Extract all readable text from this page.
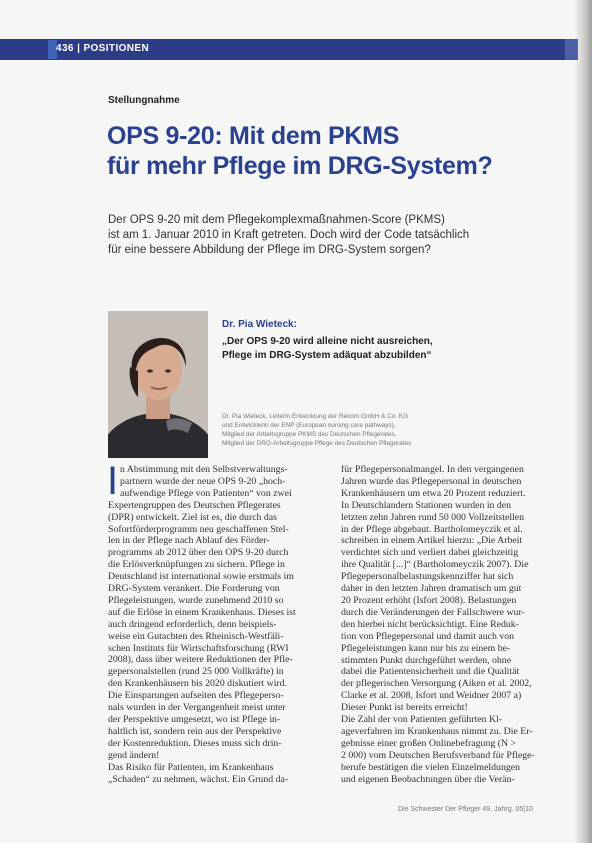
436 | POSITIONEN
Stellungnahme
OPS 9-20: Mit dem PKMS
für mehr Pflege im DRG-System?
Der OPS 9-20 mit dem Pflegekomplexmaßnahmen-Score (PKMS)
ist am 1. Januar 2010 in Kraft getreten. Doch wird der Code tatsächlich
für eine bessere Abbildung der Pflege im DRG-System sorgen?
Dr. Pia Wieteck:
„Der OPS 9-20 wird alleine nicht ausreichen,
Pflege im DRG-System adäquat abzubilden“
Dr. Pia Wieteck, Leiterin Entwicklung der Recom GmbH & Co. KG
und Entwicklerin der ENP (European nursing care pathways),
Mitglied der Arbeitsgruppe PKMS des Deutschen Pflegerates,
Mitglied der DRG-Arbeitsgruppe Pflege des Deutschen Pflegerates
I n Abstimmung mit den Selbstverwaltungs-
partnern wurde der neue OPS 9-20 „hoch-
aufwendige Pflege von Patienten“ von zwei
Expertengruppen des Deutschen Pflegerates
(DPR) entwickelt. Ziel ist es, die durch das
Sofortförderprogramm neu geschaffenen Stel-
len in der Pflege nach Ablauf des Förder-
programms ab 2012 über den OPS 9-20 durch
die Erlösverknüpfungen zu sichern. Pflege in
Deutschland ist international sowie erstmals im
DRG-System verankert. Die Forderung von
Pflegeleistungen, wurde zunehmend 2010 so
auf die Erlöse in einem Krankenhaus. Dieses ist
auch dringend erforderlich, denn beispiels-
weise ein Gutachten des Rheinisch-Westfäli-
schen Instituts für Wirtschaftsforschung (RWI
2008), dass über weitere Reduktionen der Pfle-
gepersonalstellen (rund 25 000 Vollkräfte) in
den Krankenhäusern bis 2020 diskutiert wird.
Die Einsparungen aufseiten des Pflegeperso-
nals wurden in der Vergangenheit meist unter
der Perspektive umgesetzt, wo ist Pflege in-
haltlich ist, sondern rein aus der Perspektive
der Kostenreduktion. Dieses muss sich drin-
gend ändern!
Das Risiko für Patienten, im Krankenhaus
„Schaden“ zu nehmen, wächst. Ein Grund da-
für Pflegepersonalmangel. In den vergangenen
Jahren wurde das Pflegepersonal in deutschen
Krankenhäusern um etwa 20 Prozent reduziert.
In Deutschlandern Stationen wurden in den
letzten zehn Jahren rund 50 000 Vollzeitstellen
in der Pflege abgebaut. Bartholomeyczik et al.
schreiben in einem Artikel hierzu: „Die Arbeit
verdichtet sich und verliert dabei gleichzeitig
ihre Qualität [...]“ (Bartholomeyczik 2007). Die
Pflegepersonalbelastungskennziffer hat sich
daher in den letzten Jahren dramatisch um gut
20 Prozent erhöht (Isfort 2008). Belastungen
durch die Veränderungen der Fallschwere wur-
den hierbei nicht berücksichtigt. Eine Reduk-
tion von Pflegepersonal und damit auch von
Pflegeleistungen kann nur bis zu einem be-
stimmten Punkt durchgeführt werden, ohne
dabei die Patientensicherheit und die Qualität
der pflegerischen Versorgung (Aiken et al. 2002,
Clarke et al. 2008, Isfort und Weidner 2007 a)
Dieser Punkt ist bereits erreicht!
Die Zahl der von Patienten geführten Kl-
ageverfahren im Krankenhaus nimmt zu. Die Er-
gebnisse einer großen Onlinebefragung (N >
2 000) vom Deutschen Berufsverband für Pflege-
berufe bestätigen die vielen Einzelmeldungen
und eigenen Beobachtungen über die Verän-
Die Schwester Der Pfleger 49. Jahrg. 05|10
